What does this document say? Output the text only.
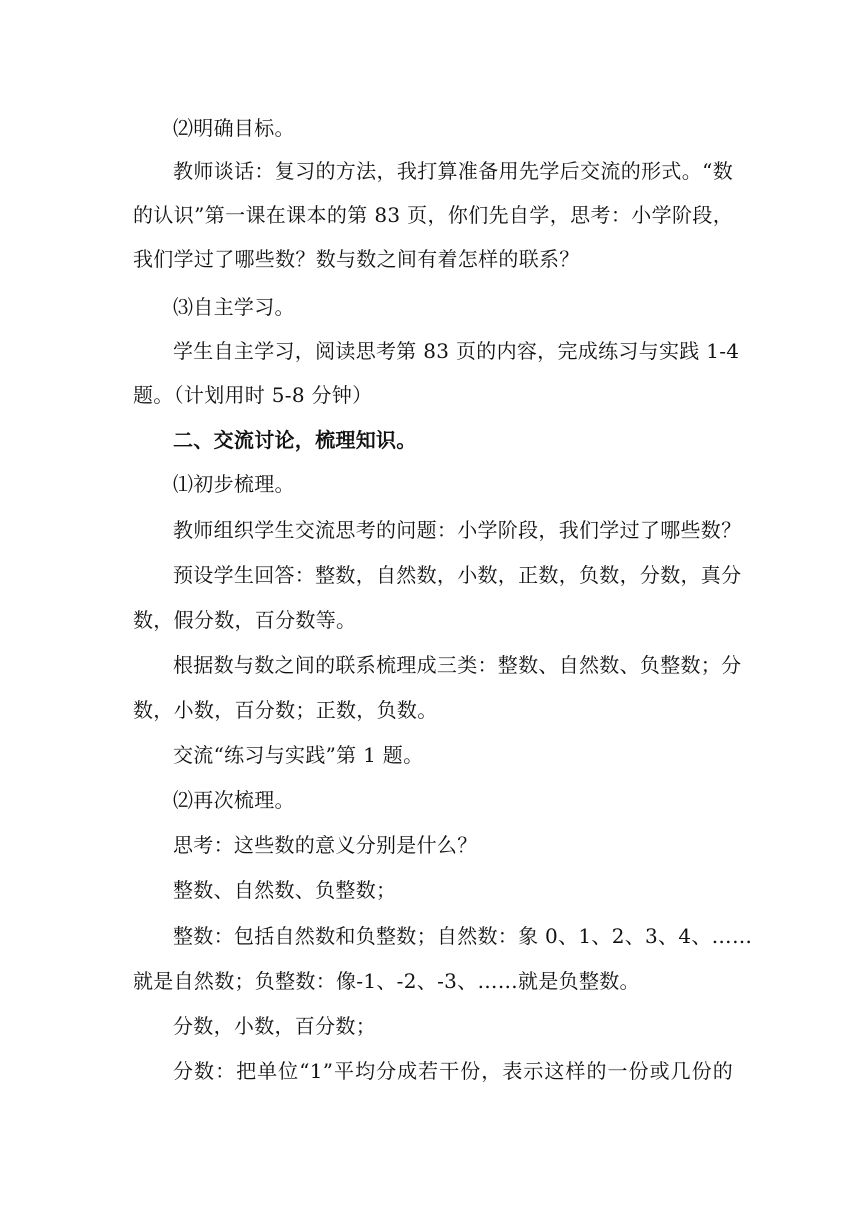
⑵明确目标。
教师谈话：复习的方法，我打算准备用先学后交流的形式。“数
的认识”第一课在课本的第 83 页，你们先自学，思考：小学阶段，
我们学过了哪些数？数与数之间有着怎样的联系？
⑶自主学习。
学生自主学习，阅读思考第 83 页的内容，完成练习与实践 1-4
题。（计划用时 5-8 分钟）
二、交流讨论，梳理知识。
⑴初步梳理。
教师组织学生交流思考的问题：小学阶段，我们学过了哪些数？
预设学生回答：整数，自然数，小数，正数，负数，分数，真分
数，假分数，百分数等。
根据数与数之间的联系梳理成三类：整数、自然数、负整数；分
数，小数，百分数；正数，负数。
交流“练习与实践”第 1 题。
⑵再次梳理。
思考：这些数的意义分别是什么？
整数、自然数、负整数；
整数：包括自然数和负整数；自然数：象 0、1、2、3、4、……
就是自然数；负整数：像-1、-2、-3、……就是负整数。
分数，小数，百分数；
分数：把单位“1”平均分成若干份，表示这样的一份或几份的
